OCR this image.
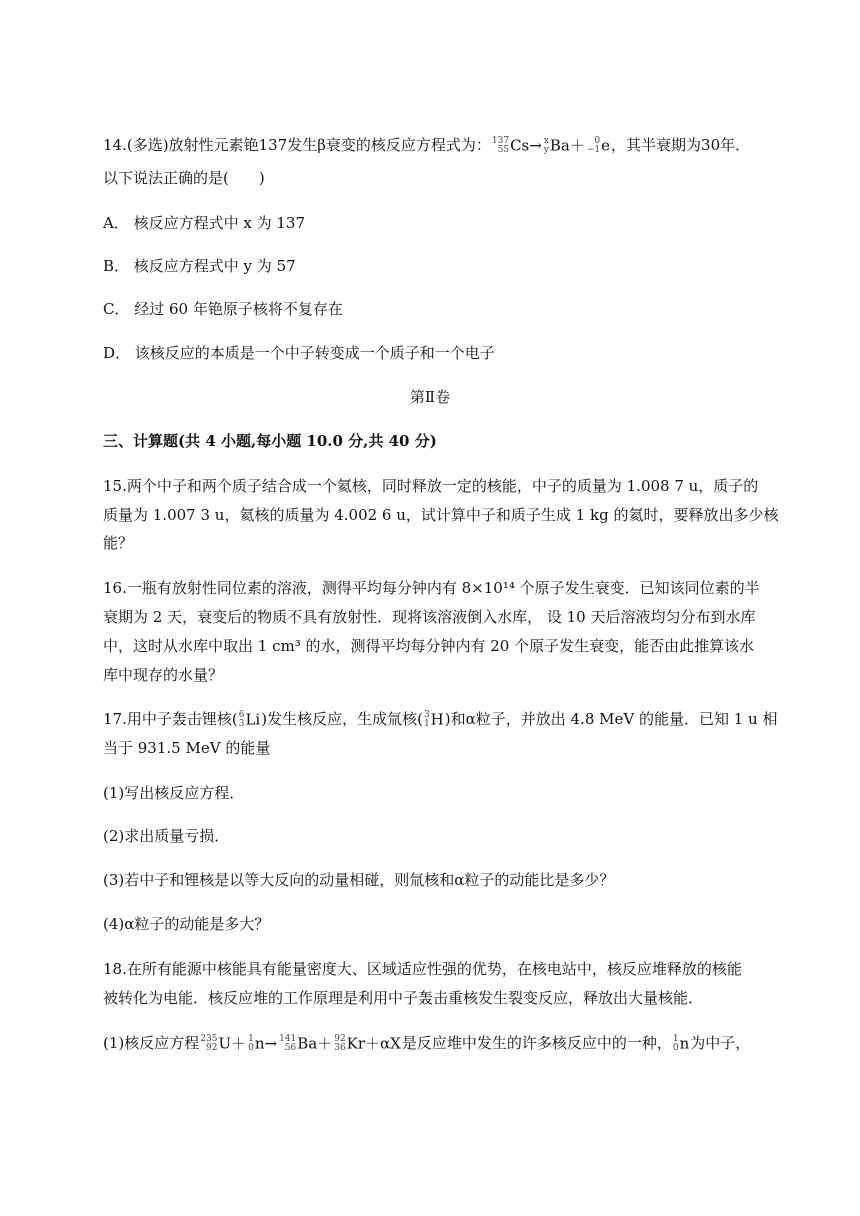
14.(多选)放射性元素铯137发生β衰变的核反应方程式为： 137
55 Cs→ x
y Ba＋ 0
−1 e，其半衰期为30年．
以下说法正确的是(　　)
A． 核反应方程式中 x 为 137
B． 核反应方程式中 y 为 57
C． 经过 60 年铯原子核将不复存在
D． 该核反应的本质是一个中子转变成一个质子和一个电子
第Ⅱ卷
三、计算题(共 4 小题,每小题 10.0 分,共 40 分)
15.两个中子和两个质子结合成一个氦核，同时释放一定的核能，中子的质量为 1.008 7 u，质子的
质量为 1.007 3 u，氦核的质量为 4.002 6 u，试计算中子和质子生成 1 kg 的氦时，要释放出多少核
能？
16.一瓶有放射性同位素的溶液，测得平均每分钟内有 8×10¹⁴ 个原子发生衰变．已知该同位素的半
衰期为 2 天，衰变后的物质不具有放射性．现将该溶液倒入水库， 设 10 天后溶液均匀分布到水库
中，这时从水库中取出 1 cm³ 的水，测得平均每分钟内有 20 个原子发生衰变，能否由此推算该水
库中现存的水量？
17.用中子轰击锂核( 6
3 Li)发生核反应，生成氚核( 3
1 H)和α粒子，并放出 4.8 MeV 的能量．已知 1 u 相
当于 931.5 MeV 的能量
(1)写出核反应方程．
(2)求出质量亏损．
(3)若中子和锂核是以等大反向的动量相碰，则氚核和α粒子的动能比是多少？
(4)α粒子的动能是多大？
18.在所有能源中核能具有能量密度大、区域适应性强的优势，在核电站中，核反应堆释放的核能
被转化为电能．核反应堆的工作原理是利用中子轰击重核发生裂变反应，释放出大量核能．
(1)核反应方程 235
92 U＋ 1
0 n→ 141
56 Ba＋ 92
36 Kr＋αX是反应堆中发生的许多核反应中的一种， 1
0 n为中子，
